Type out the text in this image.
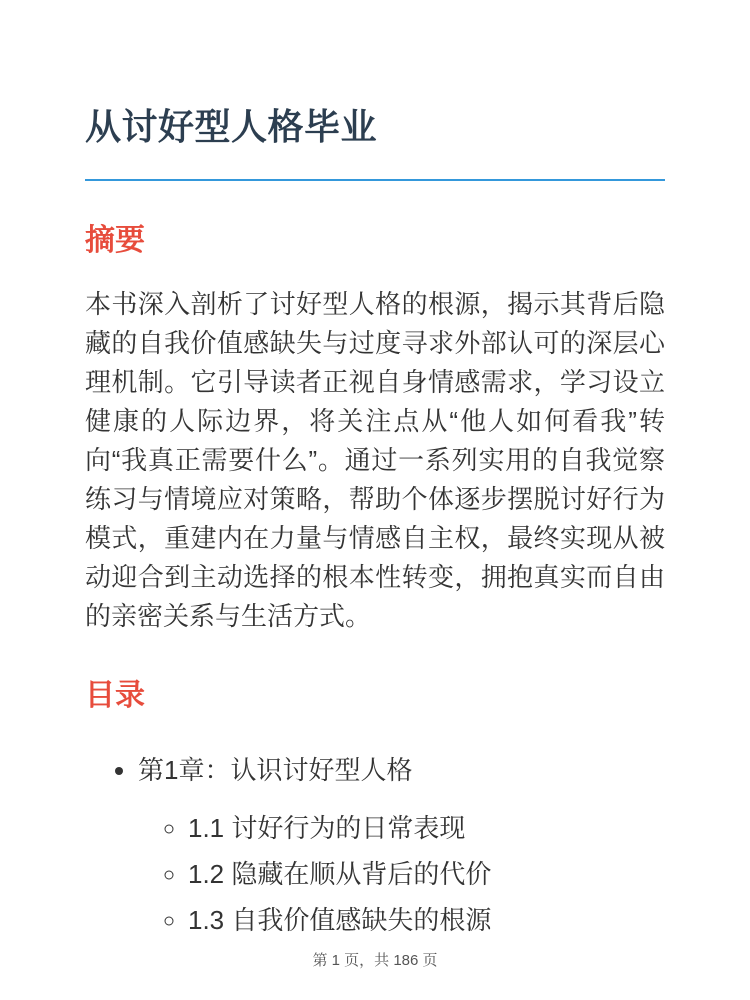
从讨好型人格毕业
摘要

本书深入剖析了讨好型人格的根源，揭示其背后隐藏的自我价值感缺失与过度寻求外部认可的深层心理机制。它引导读者正视自身情感需求，学习设立健康的人际边界，将关注点从“他人如何看我”转向“我真正需要什么”。通过一系列实用的自我觉察练习与情境应对策略，帮助个体逐步摆脱讨好行为模式，重建内在力量与情感自主权，最终实现从被动迎合到主动选择的根本性转变，拥抱真实而自由的亲密关系与生活方式。

目录
• 第1章：认识讨好型人格
◦ 1.1 讨好行为的日常表现
◦ 1.2 隐藏在顺从背后的代价
◦ 1.3 自我价值感缺失的根源
第 1 页，共 186 页
